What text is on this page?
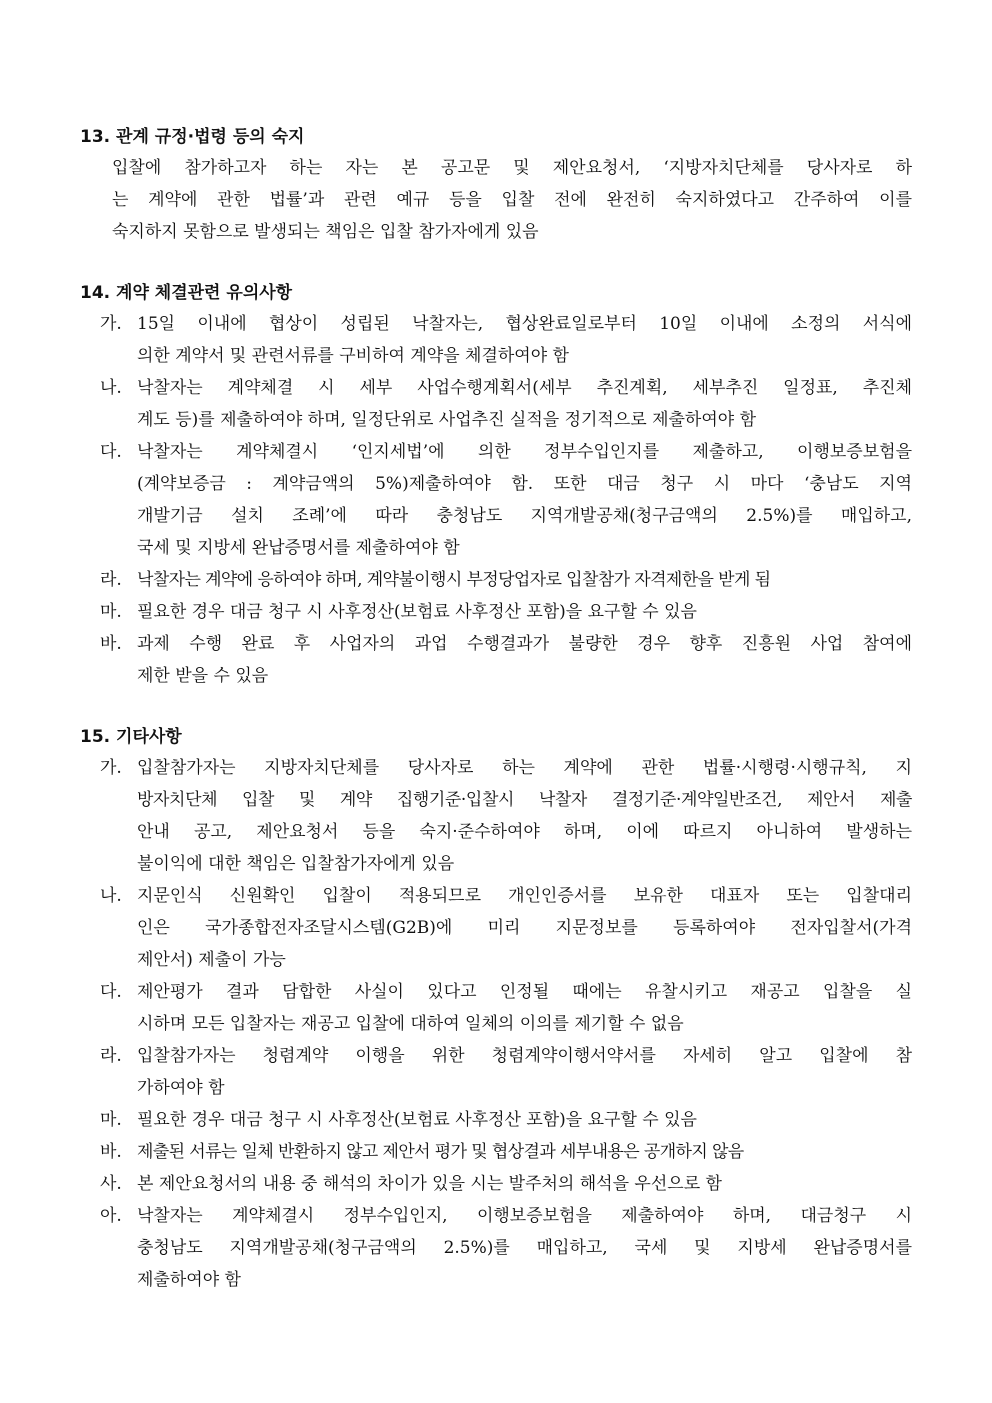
13. 관계 규정·법령 등의 숙지
입찰에 참가하고자 하는 자는 본 공고문 및 제안요청서, ‘지방자치단체를 당사자로 하
는 계약에 관한 법률’과 관련 예규 등을 입찰 전에 완전히 숙지하였다고 간주하여 이를
숙지하지 못함으로 발생되는 책임은 입찰 참가자에게 있음
14. 계약 체결관련 유의사항
가. 15일 이내에 협상이 성립된 낙찰자는, 협상완료일로부터 10일 이내에 소정의 서식에
의한 계약서 및 관련서류를 구비하여 계약을 체결하여야 함
나. 낙찰자는 계약체결 시 세부 사업수행계획서(세부 추진계획, 세부추진 일정표, 추진체
계도 등)를 제출하여야 하며, 일정단위로 사업추진 실적을 정기적으로 제출하여야 함
다. 낙찰자는 계약체결시 ‘인지세법’에 의한 정부수입인지를 제출하고, 이행보증보험을
(계약보증금 : 계약금액의 5%)제출하여야 함. 또한 대금 청구 시 마다 ‘충남도 지역
개발기금 설치 조례’에 따라 충청남도 지역개발공채(청구금액의 2.5%)를 매입하고,
국세 및 지방세 완납증명서를 제출하여야 함
라. 낙찰자는 계약에 응하여야 하며, 계약불이행시 부정당업자로 입찰참가 자격제한을 받게 됨
마. 필요한 경우 대금 청구 시 사후정산(보험료 사후정산 포함)을 요구할 수 있음
바. 과제 수행 완료 후 사업자의 과업 수행결과가 불량한 경우 향후 진흥원 사업 참여에
제한 받을 수 있음
15. 기타사항
가. 입찰참가자는 지방자치단체를 당사자로 하는 계약에 관한 법률·시행령·시행규칙, 지
방자치단체 입찰 및 계약 집행기준·입찰시 낙찰자 결정기준·계약일반조건, 제안서 제출
안내 공고, 제안요청서 등을 숙지·준수하여야 하며, 이에 따르지 아니하여 발생하는
불이익에 대한 책임은 입찰참가자에게 있음
나. 지문인식 신원확인 입찰이 적용되므로 개인인증서를 보유한 대표자 또는 입찰대리
인은 국가종합전자조달시스템(G2B)에 미리 지문정보를 등록하여야 전자입찰서(가격
제안서) 제출이 가능
다. 제안평가 결과 담합한 사실이 있다고 인정될 때에는 유찰시키고 재공고 입찰을 실
시하며 모든 입찰자는 재공고 입찰에 대하여 일체의 이의를 제기할 수 없음
라. 입찰참가자는 청렴계약 이행을 위한 청렴계약이행서약서를 자세히 알고 입찰에 참
가하여야 함
마. 필요한 경우 대금 청구 시 사후정산(보험료 사후정산 포함)을 요구할 수 있음
바. 제출된 서류는 일체 반환하지 않고 제안서 평가 및 협상결과 세부내용은 공개하지 않음
사. 본 제안요청서의 내용 중 해석의 차이가 있을 시는 발주처의 해석을 우선으로 함
아. 낙찰자는 계약체결시 정부수입인지, 이행보증보험을 제출하여야 하며, 대금청구 시
충청남도 지역개발공채(청구금액의 2.5%)를 매입하고, 국세 및 지방세 완납증명서를
제출하여야 함
